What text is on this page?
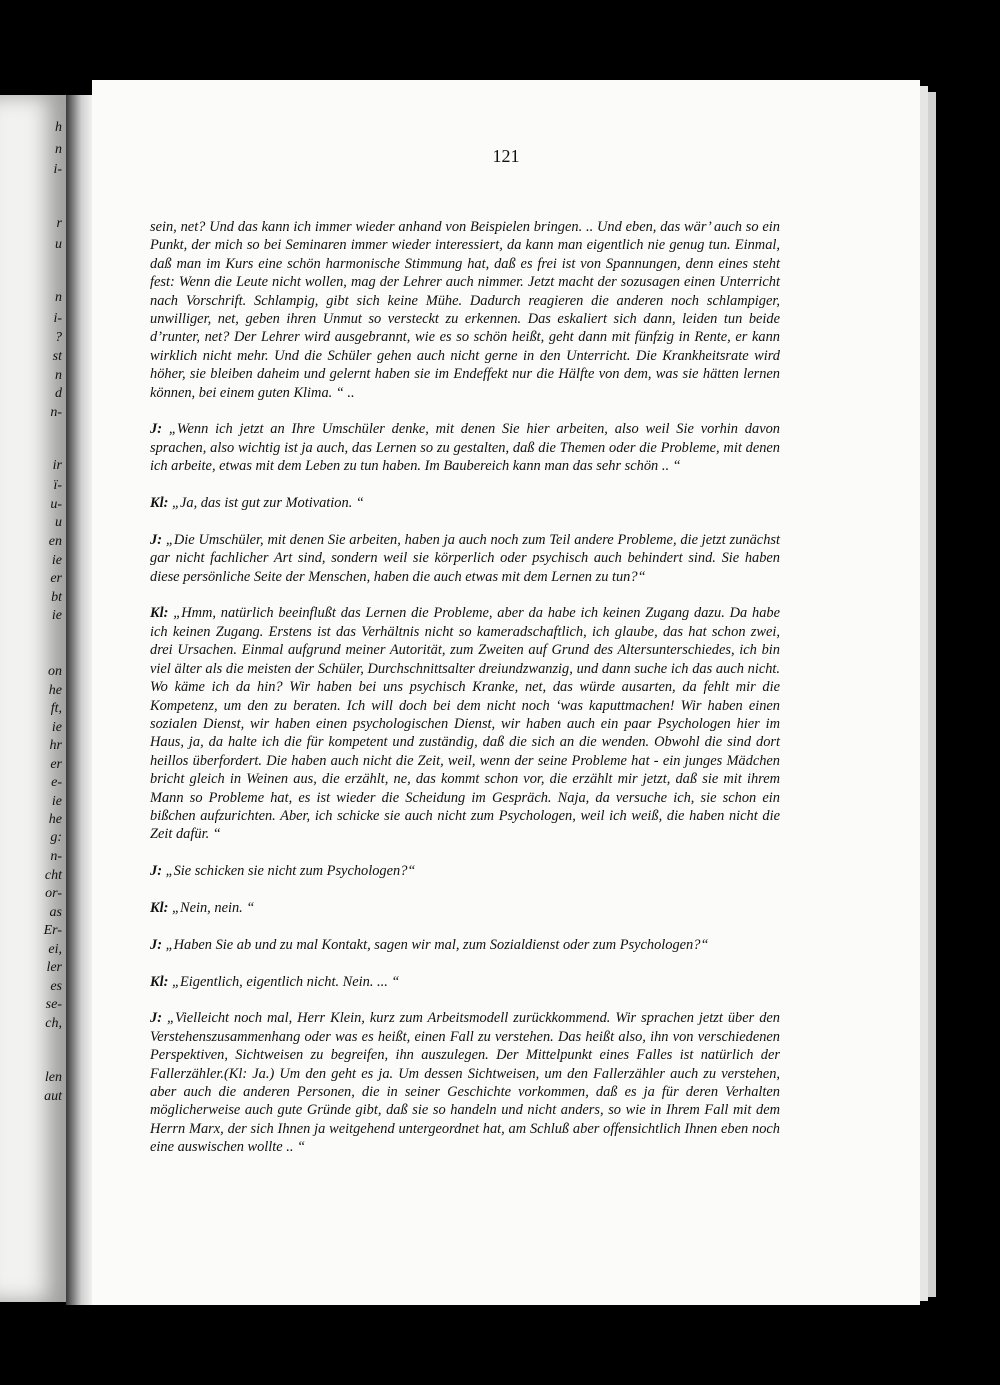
h
n
i-
r
u
n
i-
?
st
n
d
n-
ir
ï-
u-
u
en
ie
er
bt
ie
on
he
ft,
ie
hr
er
e-
ie
he
g:
n-
cht
or-
as
Er-
ei,
ler
es
se-
ch,
len
aut
121

sein, net? Und das kann ich immer wieder anhand von Beispielen bringen. .. Und eben, das wär’ auch so ein Punkt, der mich so bei Seminaren immer wieder interessiert, da kann man eigentlich nie genug tun. Einmal, daß man im Kurs eine schön harmonische Stimmung hat, daß es frei ist von Spannungen, denn eines steht fest: Wenn die Leute nicht wollen, mag der Lehrer auch nimmer. Jetzt macht der sozusagen einen Unterricht nach Vorschrift. Schlampig, gibt sich keine Mühe. Dadurch reagieren die anderen noch schlampiger, unwilliger, net, geben ihren Unmut so versteckt zu erkennen. Das eskaliert sich dann, leiden tun beide d’runter, net? Der Lehrer wird ausgebrannt, wie es so schön heißt, geht dann mit fünfzig in Rente, er kann wirklich nicht mehr. Und die Schüler gehen auch nicht gerne in den Unterricht. Die Krankheitsrate wird höher, sie bleiben daheim und gelernt haben sie im Endeffekt nur die Hälfte von dem, was sie hätten lernen können, bei einem guten Klima. “ ..

J: „Wenn ich jetzt an Ihre Umschüler denke, mit denen Sie hier arbeiten, also weil Sie vorhin davon sprachen, also wichtig ist ja auch, das Lernen so zu gestalten, daß die Themen oder die Probleme, mit denen ich arbeite, etwas mit dem Leben zu tun haben. Im Baubereich kann man das sehr schön .. “

Kl: „Ja, das ist gut zur Motivation. “

J: „Die Umschüler, mit denen Sie arbeiten, haben ja auch noch zum Teil andere Probleme, die jetzt zunächst gar nicht fachlicher Art sind, sondern weil sie körperlich oder psychisch auch behindert sind. Sie haben diese persönliche Seite der Menschen, haben die auch etwas mit dem Lernen zu tun?“

Kl: „Hmm, natürlich beeinflußt das Lernen die Probleme, aber da habe ich keinen Zugang dazu. Da habe ich keinen Zugang. Erstens ist das Verhältnis nicht so kameradschaftlich, ich glaube, das hat schon zwei, drei Ursachen. Einmal aufgrund meiner Autorität, zum Zweiten auf Grund des Altersunterschiedes, ich bin viel älter als die meisten der Schüler, Durchschnittsalter dreiundzwanzig, und dann suche ich das auch nicht. Wo käme ich da hin? Wir haben bei uns psychisch Kranke, net, das würde ausarten, da fehlt mir die Kompetenz, um den zu beraten. Ich will doch bei dem nicht noch ‘was kaputtmachen! Wir haben einen sozialen Dienst, wir haben einen psychologischen Dienst, wir haben auch ein paar Psychologen hier im Haus, ja, da halte ich die für kompetent und zuständig, daß die sich an die wenden. Obwohl die sind dort heillos überfordert. Die haben auch nicht die Zeit, weil, wenn der seine Probleme hat - ein junges Mädchen bricht gleich in Weinen aus, die erzählt, ne, das kommt schon vor, die erzählt mir jetzt, daß sie mit ihrem Mann so Probleme hat, es ist wieder die Scheidung im Gespräch. Naja, da versuche ich, sie schon ein bißchen aufzurichten. Aber, ich schicke sie auch nicht zum Psychologen, weil ich weiß, die haben nicht die Zeit dafür. “

J: „Sie schicken sie nicht zum Psychologen?“

Kl: „Nein, nein. “

J: „Haben Sie ab und zu mal Kontakt, sagen wir mal, zum Sozialdienst oder zum Psychologen?“

Kl: „Eigentlich, eigentlich nicht. Nein. ... “

J: „Vielleicht noch mal, Herr Klein, kurz zum Arbeitsmodell zurückkommend. Wir sprachen jetzt über den Verstehenszusammenhang oder was es heißt, einen Fall zu verstehen. Das heißt also, ihn von verschiedenen Perspektiven, Sichtweisen zu begreifen, ihn auszulegen. Der Mittelpunkt eines Falles ist natürlich der Fallerzähler.(Kl: Ja.) Um den geht es ja. Um dessen Sichtweisen, um den Fallerzähler auch zu verstehen, aber auch die anderen Personen, die in seiner Geschichte vorkommen, daß es ja für deren Verhalten möglicherweise auch gute Gründe gibt, daß sie so handeln und nicht anders, so wie in Ihrem Fall mit dem Herrn Marx, der sich Ihnen ja weitgehend untergeordnet hat, am Schluß aber offensichtlich Ihnen eben noch eine auswischen wollte .. “
